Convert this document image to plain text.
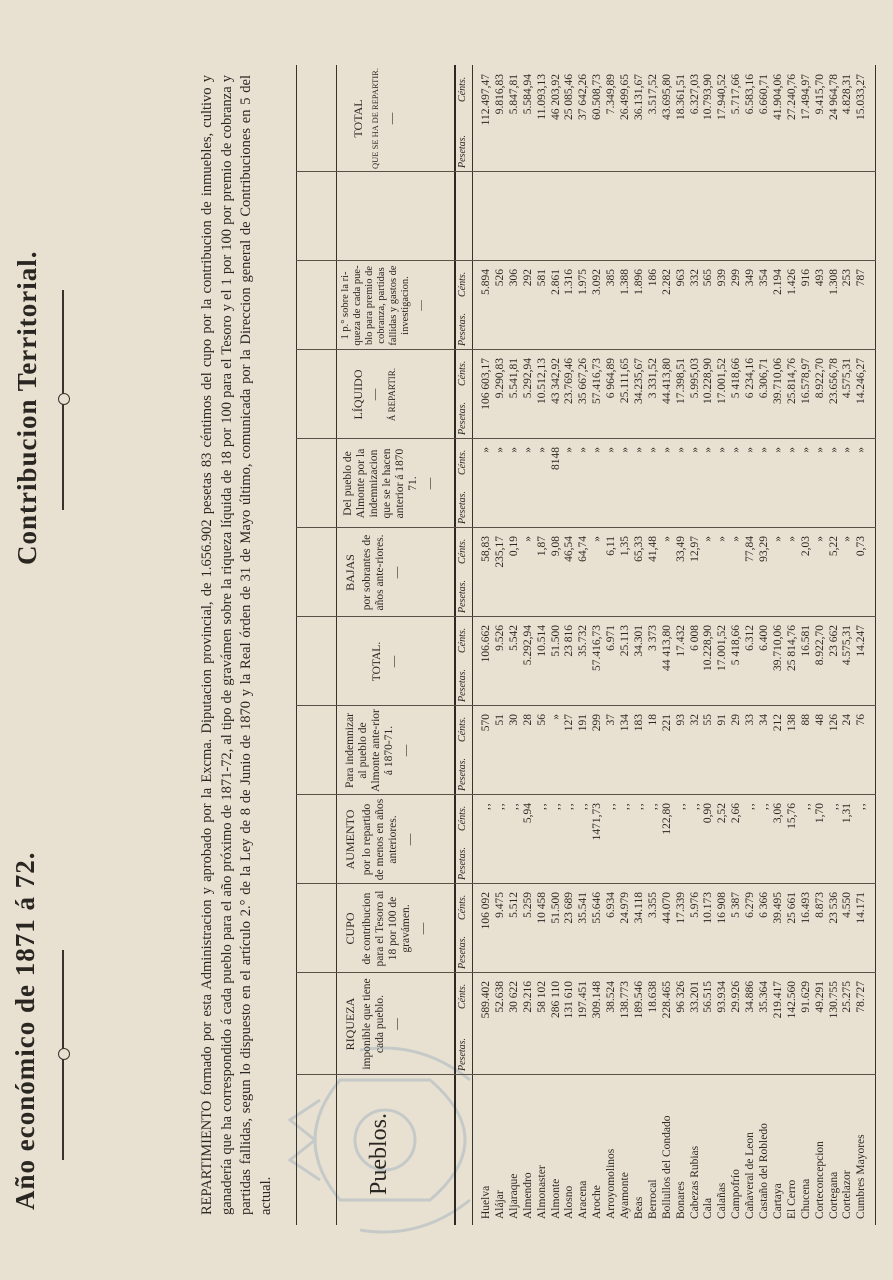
Año económico de 1871 á 72.
Contribucion Territorial.	REPARTIMIENTO formado por esta Administracion y aprobado por la Excma. Diputacion provincial, de 1.656.902 pesetas 83 céntimos del cupo por la contribucion de inmuebles, cultivo y ganadería que ha correspondido á cada pueblo para el año próximo de 1871-72, al tipo de gravámen sobre la riqueza líquida de 18 por 100 para el Tesoro y el 1 por 100 por premio de cobranza y partidas fallidas, segun lo dispuesto en el artículo 2.° de la Ley de 8 de Junio de 1870 y la Real órden de 31 de Mayo último, comunicada por la Direccion general de Contribuciones en 5 del actual.
Pueblos.
RIQUEZA imponible que tiene cada pueblo. —
CUPO de contribucion para el Tesoro al 18 por 100 de gravámen. —
AUMENTO por lo repartido de menos en años anteriores. —
Para indemnizar al pueblo de Almonte ante-rior á 1870-71. —
TOTAL. —
BAJAS por sobrantes de años ante-riores. —
Del pueblo de Almonte por la indemnizacion que se le hacen anterior á 1870 71. —
LÍQUIDO — Á REPARTIR.
1 p.° sobre la ri-queza de cada pue-blo para premio de cobranza, partidas fallidas y gastos de investigacion. —
TOTAL QUE SE HA DE REPARTIR. —
Pesetas.
Cénts.
Pesetas.
Cénts.
Pesetas.
Cénts.
Pesetas.
Cénts.
Pesetas.
Cénts.
Pesetas.
Cénts.
Pesetas.
Cénts.
Pesetas.
Cénts.
Pesetas.
Cénts.
Pesetas.
Cénts.
Huelva
589.402
106 092
‚‚
570
106.662
58,83
»
106 603,17
5.894
112.497,47
Alájar
52.638
9.475
‚‚
51
9.526
235,17
»
9.290,83
526
9.816,83
Aljaraque
30 622
5.512
‚‚
30
5.542
0,19
»
5.541,81
306
5.847,81
Almendro
29.216
5.259
5,94
28
5.292,94
»
»
5.292,94
292
5.584,94
Almonaster
58 102
10 458
‚‚
56
10.514
1,87
»
10.512,13
581
11.093,13
Almonte
286 110
51.500
‚‚
»
51.500
9,08
8148
43 342,92
2.861
46 203,92
Alosno
131 610
23 689
‚‚
127
23 816
46,54
»
23.769,46
1.316
25 085,46
Aracena
197.451
35.541
‚‚
191
35.732
64,74
»
35 667,26
1.975
37 642,26
Aroche
309.148
55.646
1471,73
299
57.416,73
»
»
57.416,73
3.092
60.508,73
Arroyomolinos
38.524
6.934
‚‚
37
6.971
6,11
»
6 964,89
385
7.349,89
Ayamonte
138.773
24.979
‚‚
134
25.113
1,35
»
25.111,65
1.388
26.499,65
Beas
189.546
34.118
‚‚
183
34.301
65,33
»
34.235,67
1.896
36.131,67
Berrocal
18.638
3.355
‚‚
18
3 373
41,48
»
3 331,52
186
3.517,52
Bollullos del Condado
228.465
44.070
122,80
221
44 413,80
»
»
44.413,80
2.282
43.695,80
Bonares
96 326
17.339
‚‚
93
17.432
33,49
»
17.398,51
963
18.361,51
Cabezas Rubias
33.201
5.976
‚‚
32
6 008
12,97
»
5.995,03
332
6.327,03
Cala
56.515
10.173
0,90
55
10.228,90
»
»
10.228,90
565
10.793,90
Calañas
93.934
16 908
2,52
91
17.001,52
»
»
17.001,52
939
17.940,52
Campofrío
29.926
5 387
2,66
29
5 418,66
»
»
5 418,66
299
5.717,66
Cañaveral de Leon
34.886
6.279
‚‚
33
6.312
77,84
»
6 234,16
349
6.583,16
Castaño del Robledo
35.364
6 366
‚‚
34
6.400
93,29
»
6.306,71
354
6.660,71
Cartaya
219.417
39.495
3,06
212
39.710,06
»
»
39.710,06
2.194
41.904,06
El Cerro
142.560
25 661
15,76
138
25 814,76
»
»
25.814,76
1.426
27.240,76
Chucena
91.629
16.493
‚‚
88
16.581
2,03
»
16.578,97
916
17.494,97
Corteconcepcion
49.291
8.873
1,70
48
8.922,70
»
»
8.922,70
493
9.415,70
Cortegana
130.755
23 536
‚‚
126
23 662
5,22
»
23.656,78
1.308
24 964,78
Cortelazor
25.275
4.550
1,31
24
4.575,31
»
»
4.575,31
253
4.828,31
Cumbres Mayores
78.727
14.171
‚‚
76
14.247
0,73
»
14.246,27
787
15.033,27
